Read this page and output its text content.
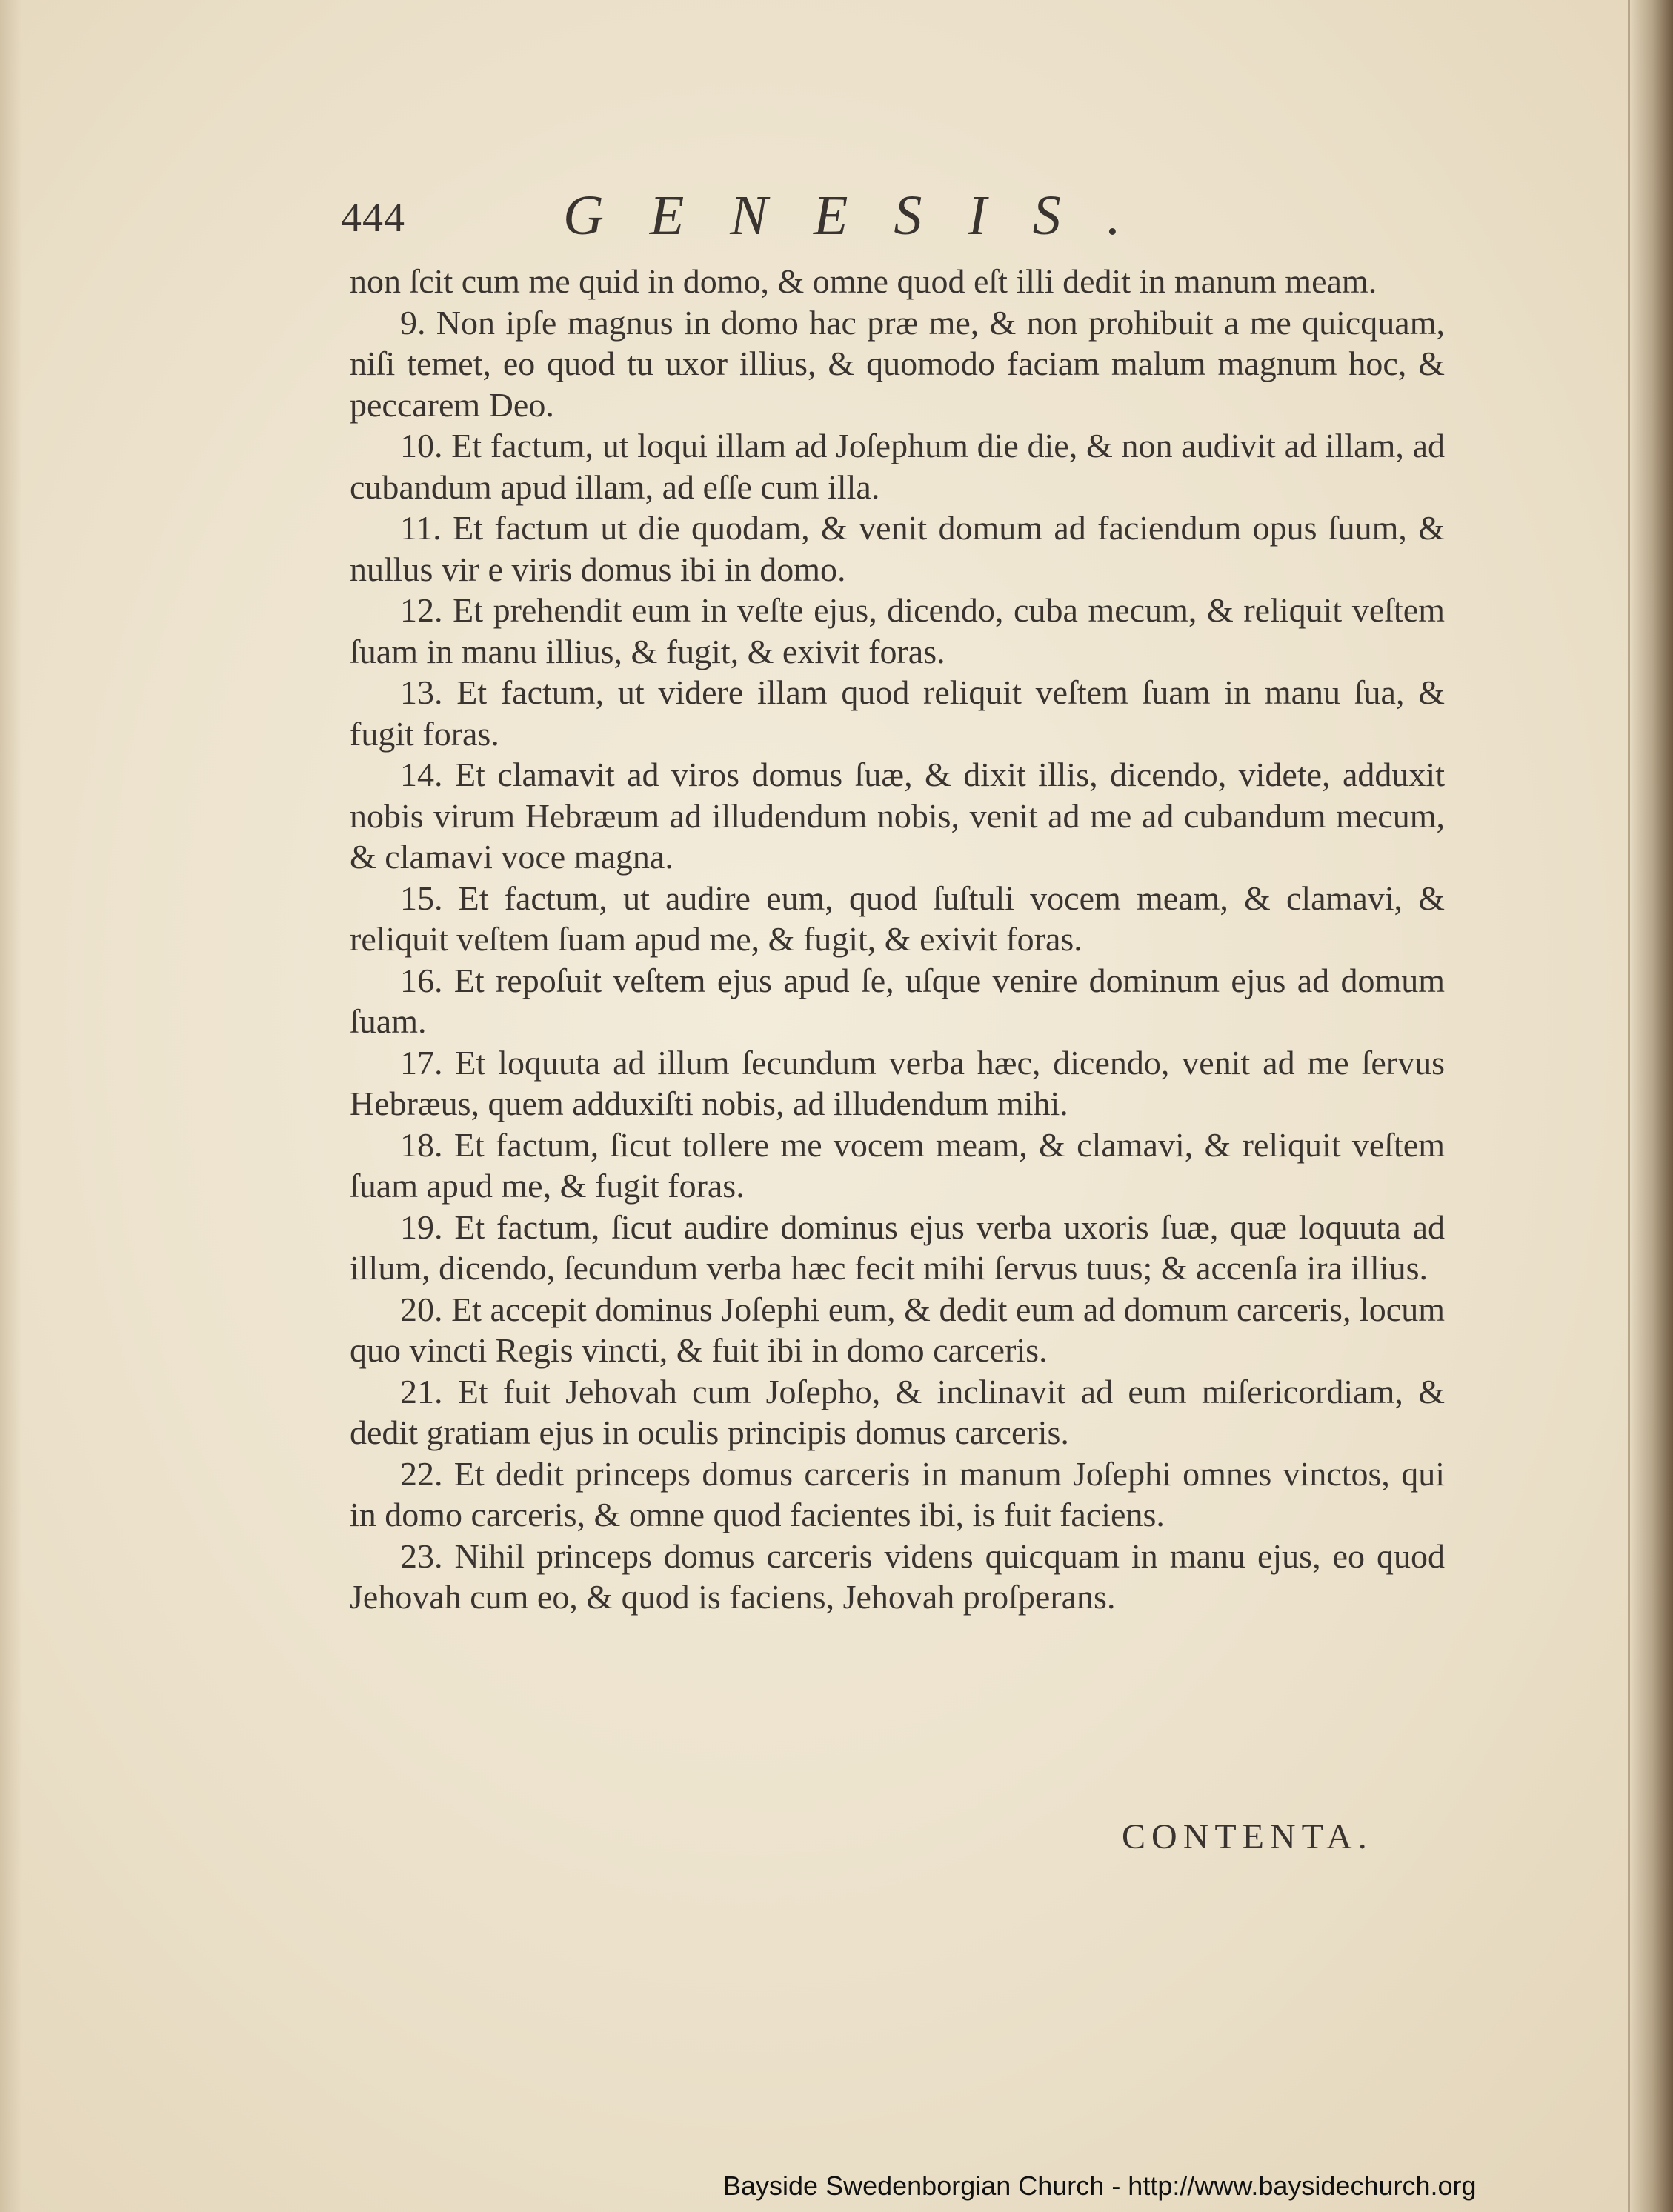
444	GENESIS.

non ſcit cum me quid in domo, & omne quod eſt illi dedit in manum meam.

9. Non ipſe magnus in domo hac præ me, & non prohibuit a me quicquam, niſi temet, eo quod tu uxor illius, & quomodo faciam malum magnum hoc, & peccarem Deo.

10. Et factum, ut loqui illam ad Joſephum die die, & non audivit ad illam, ad cubandum apud illam, ad eſſe cum illa.

11. Et factum ut die quodam, & venit domum ad faciendum opus ſuum, & nullus vir e viris domus ibi in domo.

12. Et prehendit eum in veſte ejus, dicendo, cuba mecum, & reliquit veſtem ſuam in manu illius, & fugit, & exivit foras.

13. Et factum, ut videre illam quod reliquit veſtem ſuam in manu ſua, & fugit foras.

14. Et clamavit ad viros domus ſuæ, & dixit illis, dicendo, videte, adduxit nobis virum Hebræum ad illudendum nobis, venit ad me ad cubandum mecum, & clamavi voce magna.

15. Et factum, ut audire eum, quod ſuſtuli vocem meam, & clamavi, & reliquit veſtem ſuam apud me, & fugit, & exivit foras.

16. Et repoſuit veſtem ejus apud ſe, uſque venire dominum ejus ad domum ſuam.

17. Et loquuta ad illum ſecundum verba hæc, dicendo, venit ad me ſervus Hebræus, quem adduxiſti nobis, ad illudendum mihi.

18. Et factum, ſicut tollere me vocem meam, & clamavi, & reliquit veſtem ſuam apud me, & fugit foras.

19. Et factum, ſicut audire dominus ejus verba uxoris ſuæ, quæ loquuta ad illum, dicendo, ſecundum verba hæc fecit mihi ſervus tuus; & accenſa ira illius.

20. Et accepit dominus Joſephi eum, & dedit eum ad domum carceris, locum quo vincti Regis vincti, & fuit ibi in domo carceris.

21. Et fuit Jehovah cum Joſepho, & inclinavit ad eum miſericordiam, & dedit gratiam ejus in oculis principis domus carceris.

22. Et dedit princeps domus carceris in manum Joſephi omnes vinctos, qui in domo carceris, & omne quod facientes ibi, is fuit faciens.

23. Nihil princeps domus carceris videns quicquam in manu ejus, eo quod Jehovah cum eo, & quod is faciens, Jehovah proſperans.

CONTENTA.
Bayside Swedenborgian Church - http://www.baysidechurch.org
